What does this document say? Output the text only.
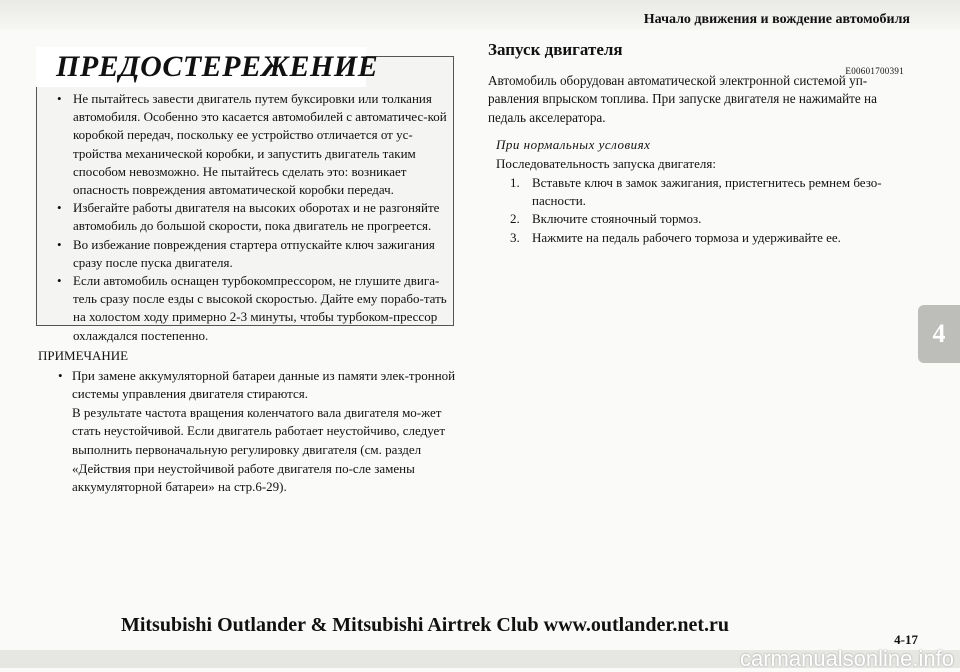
Начало движения и вождение автомобиля
4
ПРЕДОСТЕРЕЖЕНИЕ
• Не пытайтесь завести двигатель путем буксировки или толкания автомобиля. Особенно это касается автомобилей с автоматичес-кой коробкой передач, поскольку ее устройство отличается от ус-тройства механической коробки, и запустить двигатель таким способом невозможно. Не пытайтесь сделать это: возникает опасность повреждения автоматической коробки передач.
• Избегайте работы двигателя на высоких оборотах и не разгоняйте автомобиль до большой скорости, пока двигатель не прогреется.
• Во избежание повреждения стартера отпускайте ключ зажигания сразу после пуска двигателя.
• Если автомобиль оснащен турбокомпрессором, не глушите двига-тель сразу после езды с высокой скоростью. Дайте ему порабо-тать на холостом ходу примерно 2-3 минуты, чтобы турбоком-прессор охлаждался постепенно.

ПРИМЕЧАНИЕ

• При замене аккумуляторной батареи данные из памяти элек-тронной системы управления двигателя стираются.

В результате частота вращения коленчатого вала двигателя мо-жет стать неустойчивой. Если двигатель работает неустойчиво, следует выполнить первоначальную регулировку двигателя (см. раздел «Действия при неустойчивой работе двигателя по-сле замены аккумуляторной батареи» на стр.6-29).

Запуск двигателя
E00601700391

Автомобиль оборудован автоматической электронной системой уп-равления впрыском топлива. При запуске двигателя не нажимайте на педаль акселератора.

При нормальных условиях

Последовательность запуска двигателя:

1. Вставьте ключ в замок зажигания, пристегнитесь ремнем безо-пасности.
2. Включите стояночный тормоз.
3. Нажмите на педаль рабочего тормоза и удерживайте ее.
Mitsubishi Outlander & Mitsubishi Airtrek Club www.outlander.net.ru
4-17
carmanualsonline.info
